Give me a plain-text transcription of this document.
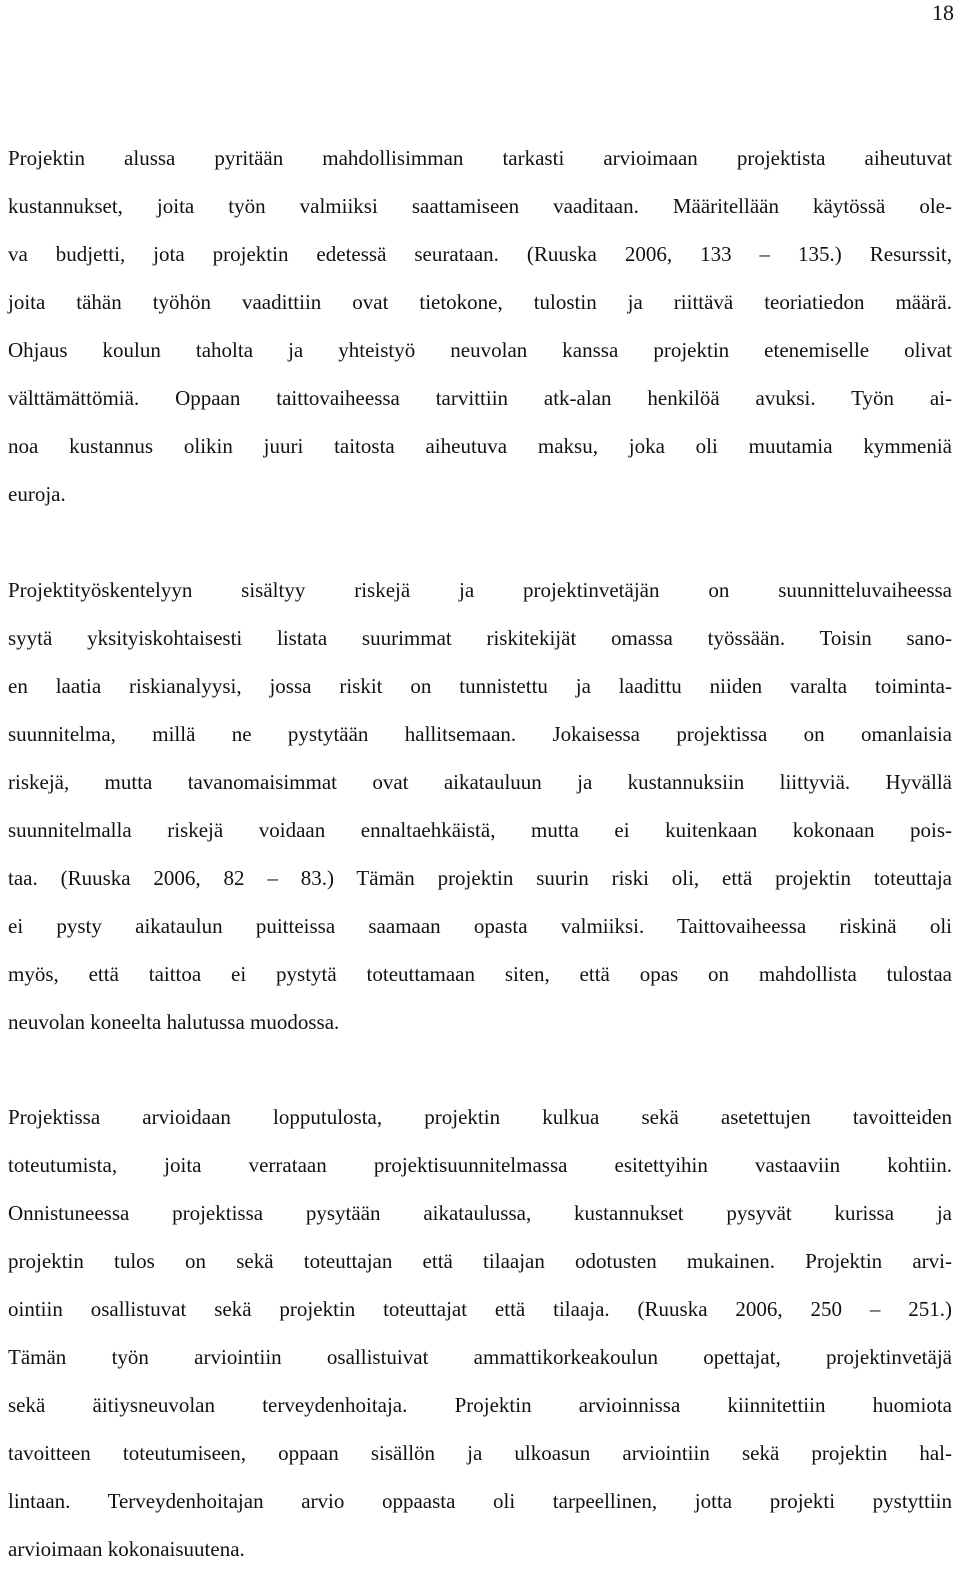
18
Projektin alussa pyritään mahdollisimman tarkasti arvioimaan projektista aiheutuvat
kustannukset, joita työn valmiiksi saattamiseen vaaditaan. Määritellään käytössä ole-
va budjetti, jota projektin edetessä seurataan. (Ruuska 2006, 133 – 135.) Resurssit,
joita tähän työhön vaadittiin ovat tietokone, tulostin ja riittävä teoriatiedon määrä.
Ohjaus koulun taholta ja yhteistyö neuvolan kanssa projektin etenemiselle olivat
välttämättömiä. Oppaan taittovaiheessa tarvittiin atk-alan henkilöä avuksi. Työn ai-
noa kustannus olikin juuri taitosta aiheutuva maksu, joka oli muutamia kymmeniä
euroja.
Projektityöskentelyyn sisältyy riskejä ja projektinvetäjän on suunnitteluvaiheessa
syytä yksityiskohtaisesti listata suurimmat riskitekijät omassa työssään. Toisin sano-
en laatia riskianalyysi, jossa riskit on tunnistettu ja laadittu niiden varalta toiminta-
suunnitelma, millä ne pystytään hallitsemaan. Jokaisessa projektissa on omanlaisia
riskejä, mutta tavanomaisimmat ovat aikatauluun ja kustannuksiin liittyviä. Hyvällä
suunnitelmalla riskejä voidaan ennaltaehkäistä, mutta ei kuitenkaan kokonaan pois-
taa. (Ruuska 2006, 82 – 83.) Tämän projektin suurin riski oli, että projektin toteuttaja
ei pysty aikataulun puitteissa saamaan opasta valmiiksi. Taittovaiheessa riskinä oli
myös, että taittoa ei pystytä toteuttamaan siten, että opas on mahdollista tulostaa
neuvolan koneelta halutussa muodossa.
Projektissa arvioidaan lopputulosta, projektin kulkua sekä asetettujen tavoitteiden
toteutumista, joita verrataan projektisuunnitelmassa esitettyihin vastaaviin kohtiin.
Onnistuneessa projektissa pysytään aikataulussa, kustannukset pysyvät kurissa ja
projektin tulos on sekä toteuttajan että tilaajan odotusten mukainen. Projektin arvi-
ointiin osallistuvat sekä projektin toteuttajat että tilaaja. (Ruuska 2006, 250 – 251.)
Tämän työn arviointiin osallistuivat ammattikorkeakoulun opettajat, projektinvetäjä
sekä äitiysneuvolan terveydenhoitaja. Projektin arvioinnissa kiinnitettiin huomiota
tavoitteen toteutumiseen, oppaan sisällön ja ulkoasun arviointiin sekä projektin hal-
lintaan. Terveydenhoitajan arvio oppaasta oli tarpeellinen, jotta projekti pystyttiin
arvioimaan kokonaisuutena.
